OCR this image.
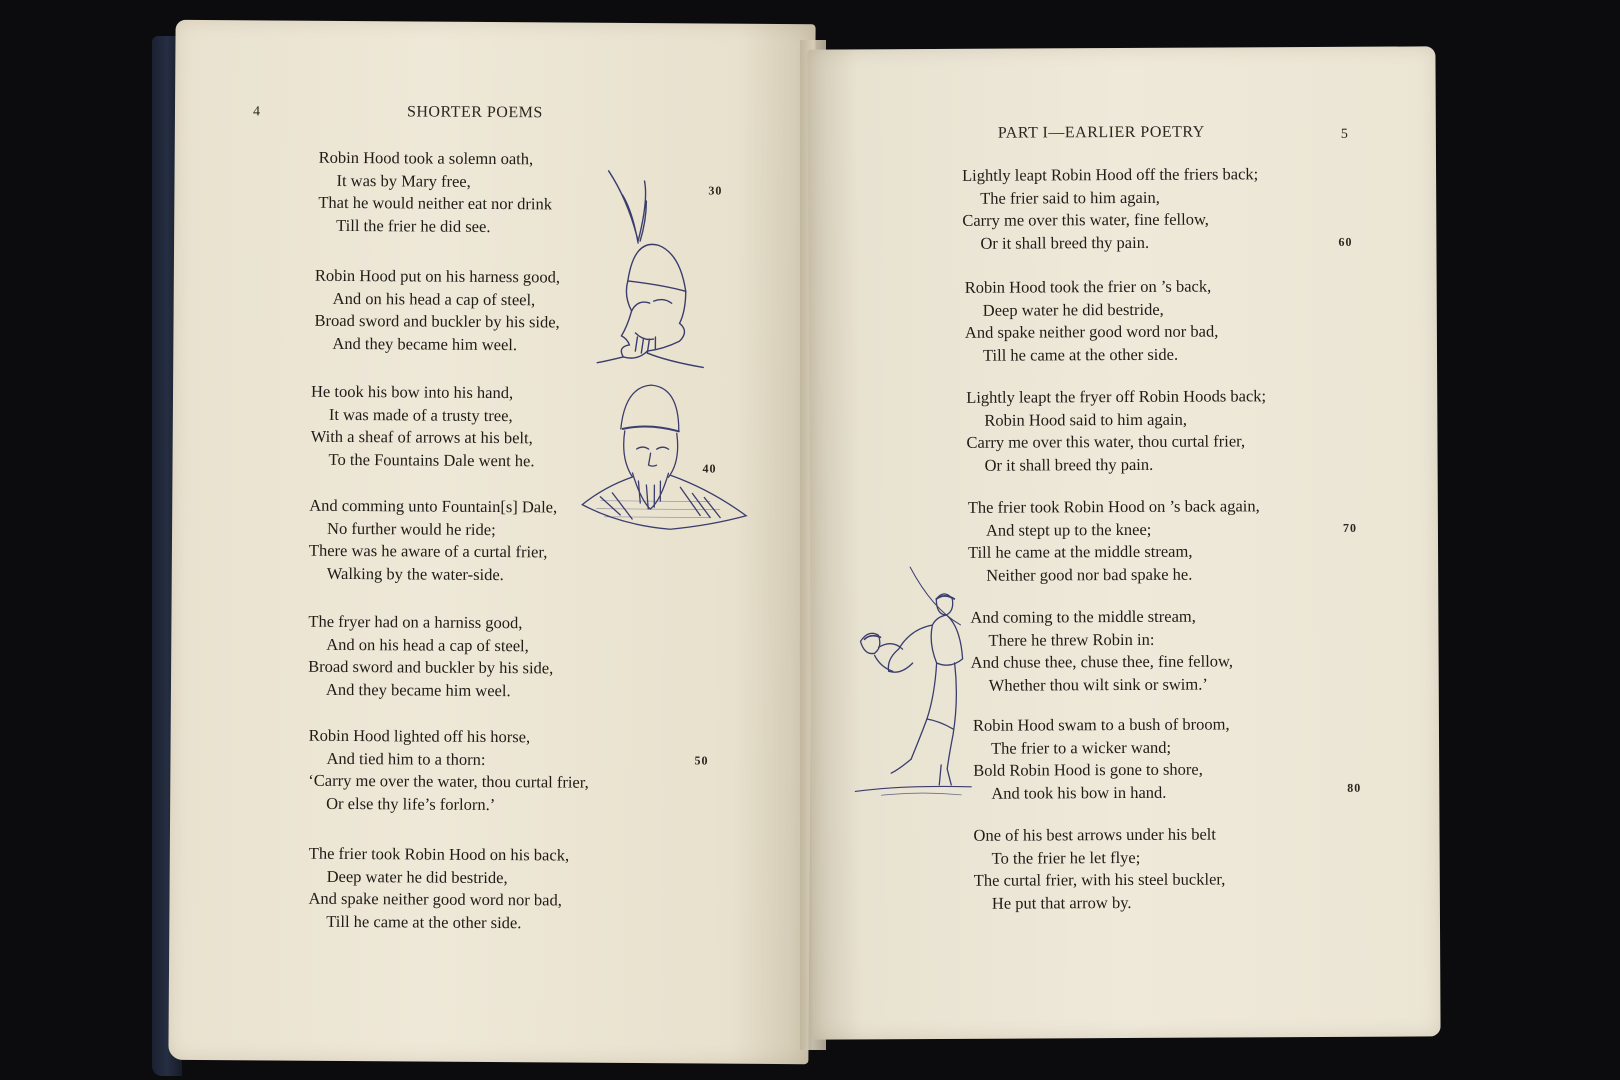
4	SHORTER POEMS
30
40
50
Robin Hood took a solemn oath,
It was by Mary free,
That he would neither eat nor drink
Till the frier he did see.
Robin Hood put on his harness good,
And on his head a cap of steel,
Broad sword and buckler by his side,
And they became him weel.
He took his bow into his hand,
It was made of a trusty tree,
With a sheaf of arrows at his belt,
To the Fountains Dale went he.
And comming unto Fountain[s] Dale,
No further would he ride;
There was he aware of a curtal frier,
Walking by the water-side.
The fryer had on a harniss good,
And on his head a cap of steel,
Broad sword and buckler by his side,
And they became him weel.
Robin Hood lighted off his horse,
And tied him to a thorn:
‘Carry me over the water, thou curtal frier,
Or else thy life’s forlorn.’
The frier took Robin Hood on his back,
Deep water he did bestride,
And spake neither good word nor bad,
Till he came at the other side.
PART I—EARLIER POETRY	5
60
70
80
Lightly leapt Robin Hood off the friers back;
The frier said to him again,
Carry me over this water, fine fellow,
Or it shall breed thy pain.
Robin Hood took the frier on ’s back,
Deep water he did bestride,
And spake neither good word nor bad,
Till he came at the other side.
Lightly leapt the fryer off Robin Hoods back;
Robin Hood said to him again,
Carry me over this water, thou curtal frier,
Or it shall breed thy pain.
The frier took Robin Hood on ’s back again,
And stept up to the knee;
Till he came at the middle stream,
Neither good nor bad spake he.
And coming to the middle stream,
There he threw Robin in:
And chuse thee, chuse thee, fine fellow,
Whether thou wilt sink or swim.’
Robin Hood swam to a bush of broom,
The frier to a wicker wand;
Bold Robin Hood is gone to shore,
And took his bow in hand.
One of his best arrows under his belt
To the frier he let flye;
The curtal frier, with his steel buckler,
He put that arrow by.
